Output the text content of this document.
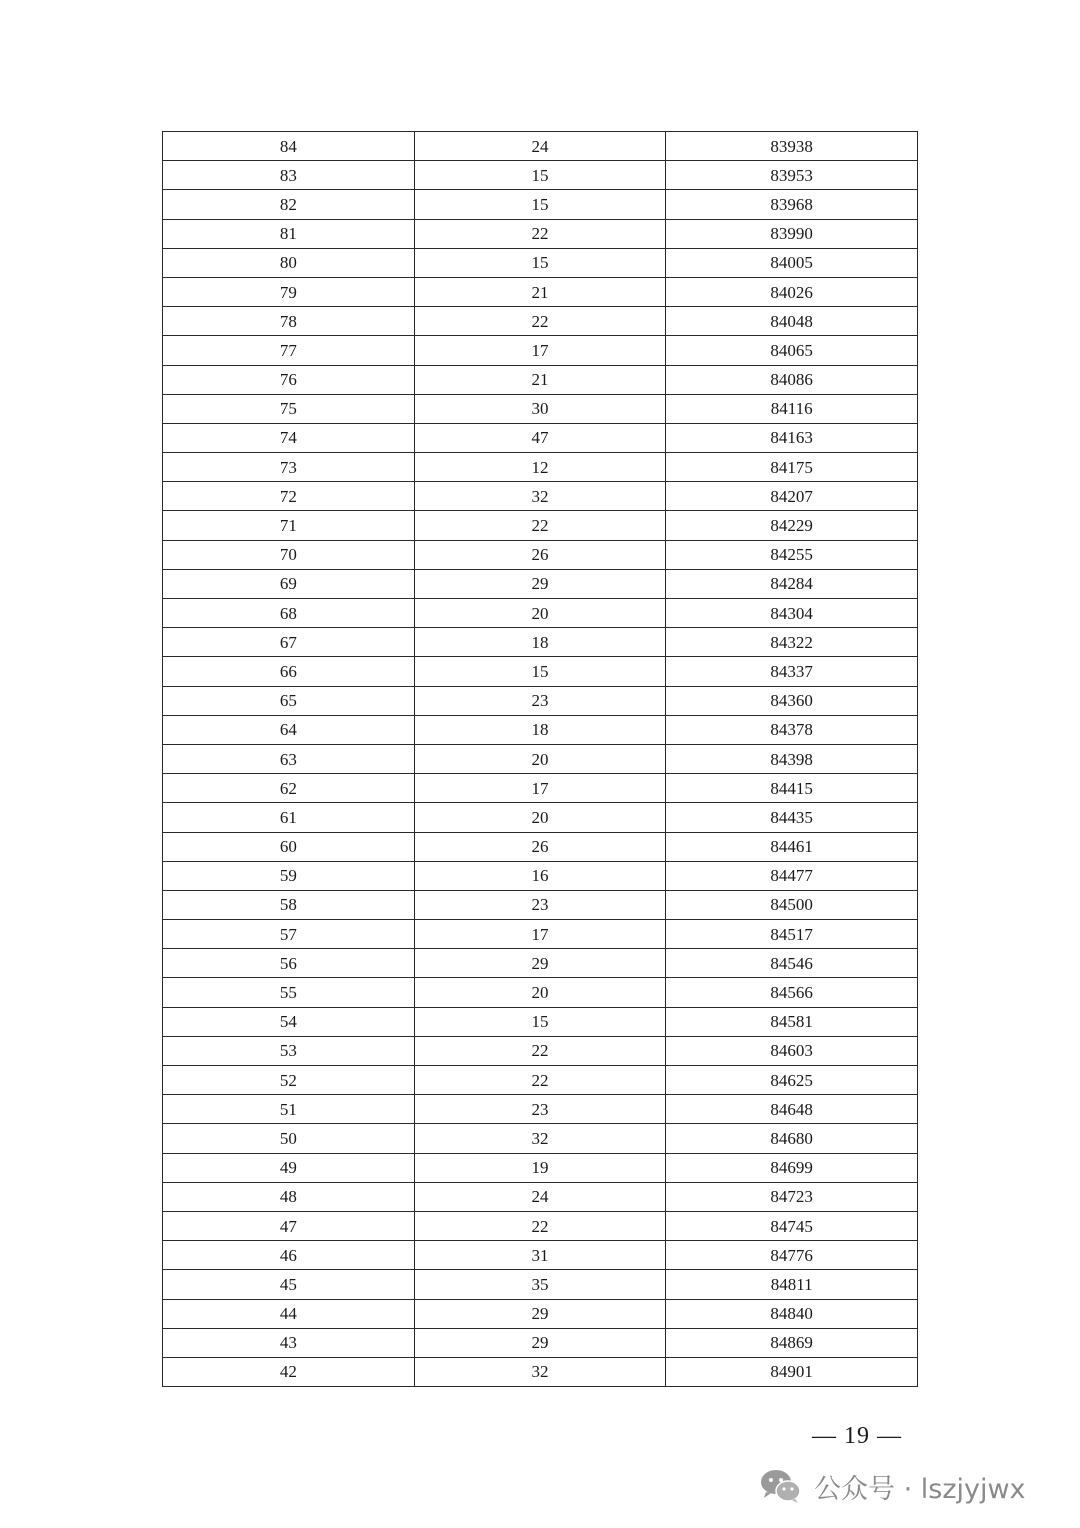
84	24	83938
83	15	83953
82	15	83968
81	22	83990
80	15	84005
79	21	84026
78	22	84048
77	17	84065
76	21	84086
75	30	84116
74	47	84163
73	12	84175
72	32	84207
71	22	84229
70	26	84255
69	29	84284
68	20	84304
67	18	84322
66	15	84337
65	23	84360
64	18	84378
63	20	84398
62	17	84415
61	20	84435
60	26	84461
59	16	84477
58	23	84500
57	17	84517
56	29	84546
55	20	84566
54	15	84581
53	22	84603
52	22	84625
51	23	84648
50	32	84680
49	19	84699
48	24	84723
47	22	84745
46	31	84776
45	35	84811
44	29	84840
43	29	84869
42	32	84901
— 19 —
公众号 · lszjyjwx
